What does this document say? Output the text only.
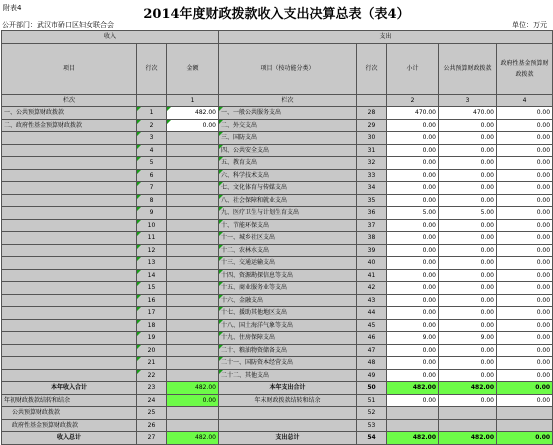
附表4	2014年度财政拨款收入支出决算总表（表4）
公开部门：武汉市硚口区妇女联合会	单位：万元
收入			支出				
项目	行次	金额	项目（按功能分类）	行次	小计	公共预算财政拨款	政府性基金预算财政拨款
栏次		1	栏次		2	3	4
一、公共预算财政拨款	1	482.00	一、一般公共服务支出	28	470.00	470.00	0.00
二、政府性基金预算财政拨款	2	0.00	二、外交支出	29	0.00	0.00	0.00
	3		三、国防支出	30	0.00	0.00	0.00
	4		四、公共安全支出	31	0.00	0.00	0.00
	5		五、教育支出	32	0.00	0.00	0.00
	6		六、科学技术支出	33	0.00	0.00	0.00
	7		七、文化体育与传媒支出	34	0.00	0.00	0.00
	8		八、社会保障和就业支出	35	0.00	0.00	0.00
	9		九、医疗卫生与计划生育支出	36	5.00	5.00	0.00
	10		十、节能环保支出	37	0.00	0.00	0.00
	11		十一、城乡社区支出	38	0.00	0.00	0.00
	12		十二、农林水支出	39	0.00	0.00	0.00
	13		十三、交通运输支出	40	0.00	0.00	0.00
	14		十四、资源勘探信息等支出	41	0.00	0.00	0.00
	15		十五、商业服务业等支出	42	0.00	0.00	0.00
	16		十六、金融支出	43	0.00	0.00	0.00
	17		十七、援助其他地区支出	44	0.00	0.00	0.00
	18		十八、国土海洋气象等支出	45	0.00	0.00	0.00
	19		十九、住房保障支出	46	9.00	9.00	0.00
	20		二十、粮油物资储备支出	47	0.00	0.00	0.00
	21		二十一、国防资本经营支出	48	0.00	0.00	0.00
	22		二十二、其他支出	49	0.00	0.00	0.00
本年收入合计	23	482.00	本年支出合计	50	482.00	482.00	0.00
年初财政拨款结转和结余	24	0.00	年末财政拨款结转和结余	51	0.00	0.00	0.00
公共预算财政拨款	25			52			
政府性基金预算财政拨款	26			53			
收入总计	27	482.00	支出总计	54	482.00	482.00	0.00
